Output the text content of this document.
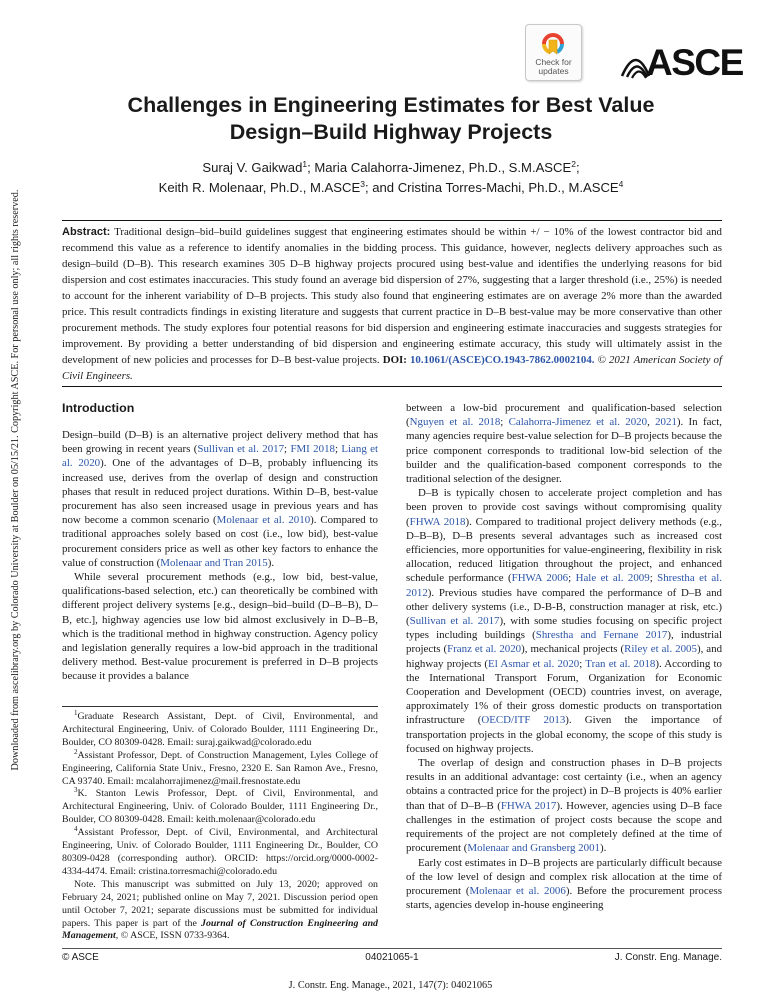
Downloaded from ascelibrary.org by Colorado University at Boulder on 05/15/21. Copyright ASCE. For personal use only; all rights reserved.
Check for
updates	ASCE
Challenges in Engineering Estimates for Best Value
Design–Build Highway Projects
Suraj V. Gaikwad$^1$; Maria Calahorra-Jimenez, Ph.D., S.M.ASCE$^2$;
Keith R. Molenaar, Ph.D., M.ASCE$^3$; and Cristina Torres-Machi, Ph.D., M.ASCE$^4$
Abstract: Traditional design–bid–build guidelines suggest that engineering estimates should be within +/ − 10% of the lowest contractor bid and recommend this value as a reference to identify anomalies in the bidding process. This guidance, however, neglects delivery approaches such as design–build (D–B). This research examines 305 D–B highway projects procured using best-value and identifies the underlying reasons for bid dispersion and cost estimates inaccuracies. This study found an average bid dispersion of 27%, suggesting that a larger threshold (i.e., 25%) is needed to account for the inherent variability of D–B projects. This study also found that engineering estimates are on average 2% more than the awarded price. This result contradicts findings in existing literature and suggests that current practice in D–B best-value may be more conservative than other procurement methods. The study explores four potential reasons for bid dispersion and engineering estimate inaccuracies and suggests strategies for improvement. By providing a better understanding of bid dispersion and engineering estimate accuracy, this study will ultimately assist in the development of new policies and processes for D–B best-value projects. DOI: 10.1061/(ASCE)CO.1943-7862.0002104. © 2021 American Society of Civil Engineers.
Introduction

Design–build (D–B) is an alternative project delivery method that has been growing in recent years (Sullivan et al. 2017; FMI 2018; Liang et al. 2020). One of the advantages of D–B, probably influencing its increased use, derives from the overlap of design and construction phases that result in reduced project durations. Within D–B, best-value procurement has also seen increased usage in previous years and has now become a common scenario (Molenaar et al. 2010). Compared to traditional approaches solely based on cost (i.e., low bid), best-value procurement considers price as well as other key factors to enhance the value of construction (Molenaar and Tran 2015).

While several procurement methods (e.g., low bid, best-value, qualifications-based selection, etc.) can theoretically be combined with different project delivery systems [e.g., design–bid–build (D–B–B), D–B, etc.], highway agencies use low bid almost exclusively in D–B–B, which is the traditional method in highway construction. Agency policy and legislation generally requires a low-bid approach in the traditional delivery method. Best-value procurement is preferred in D–B projects because it provides a balance

$^1$Graduate Research Assistant, Dept. of Civil, Environmental, and Architectural Engineering, Univ. of Colorado Boulder, 1111 Engineering Dr., Boulder, CO 80309-0428. Email: suraj.gaikwad@colorado.edu

$^2$Assistant Professor, Dept. of Construction Management, Lyles College of Engineering, California State Univ., Fresno, 2320 E. San Ramon Ave., Fresno, CA 93740. Email: mcalahorrajimenez@mail.fresnostate.edu

$^3$K. Stanton Lewis Professor, Dept. of Civil, Environmental, and Architectural Engineering, Univ. of Colorado Boulder, 1111 Engineering Dr., Boulder, CO 80309-0428. Email: keith.molenaar@colorado.edu

$^4$Assistant Professor, Dept. of Civil, Environmental, and Architectural Engineering, Univ. of Colorado Boulder, 1111 Engineering Dr., Boulder, CO 80309-0428 (corresponding author). ORCID: https://orcid.org/0000-0002-4334-4474. Email: cristina.torresmachi@colorado.edu

Note. This manuscript was submitted on July 13, 2020; approved on February 24, 2021; published online on May 7, 2021. Discussion period open until October 7, 2021; separate discussions must be submitted for individual papers. This paper is part of the Journal of Construction Engineering and Management, © ASCE, ISSN 0733-9364.

between a low-bid procurement and qualification-based selection (Nguyen et al. 2018; Calahorra-Jimenez et al. 2020, 2021). In fact, many agencies require best-value selection for D–B projects because the price component corresponds to traditional low-bid selection of the builder and the qualification-based component corresponds to the traditional selection of the designer.

D–B is typically chosen to accelerate project completion and has been proven to provide cost savings without compromising quality (FHWA 2018). Compared to traditional project delivery methods (e.g., D–B–B), D–B presents several advantages such as increased cost efficiencies, more opportunities for value-engineering, flexibility in risk allocation, reduced litigation throughout the project, and enhanced schedule performance (FHWA 2006; Hale et al. 2009; Shrestha et al. 2012). Previous studies have compared the performance of D–B and other delivery systems (i.e., D-B-B, construction manager at risk, etc.) (Sullivan et al. 2017), with some studies focusing on specific project types including buildings (Shrestha and Fernane 2017), industrial projects (Franz et al. 2020), mechanical projects (Riley et al. 2005), and highway projects (El Asmar et al. 2020; Tran et al. 2018). According to the International Transport Forum, Organization for Economic Cooperation and Development (OECD) countries invest, on average, approximately 1% of their gross domestic products on transportation infrastructure (OECD/ITF 2013). Given the importance of transportation projects in the global economy, the scope of this study is focused on highway projects.

The overlap of design and construction phases in D–B projects results in an additional advantage: cost certainty (i.e., when an agency obtains a contracted price for the project) in D–B projects is 40% earlier than that of D–B–B (FHWA 2017). However, agencies using D–B face challenges in the estimation of project costs because the scope and requirements of the project are not completely defined at the time of procurement (Molenaar and Gransberg 2001).

Early cost estimates in D–B projects are particularly difficult because of the low level of design and complex risk allocation at the time of procurement (Molenaar et al. 2006). Before the procurement process starts, agencies develop in-house engineering

© ASCE	04021065-1	J. Constr. Eng. Manage.
J. Constr. Eng. Manage., 2021, 147(7): 04021065
